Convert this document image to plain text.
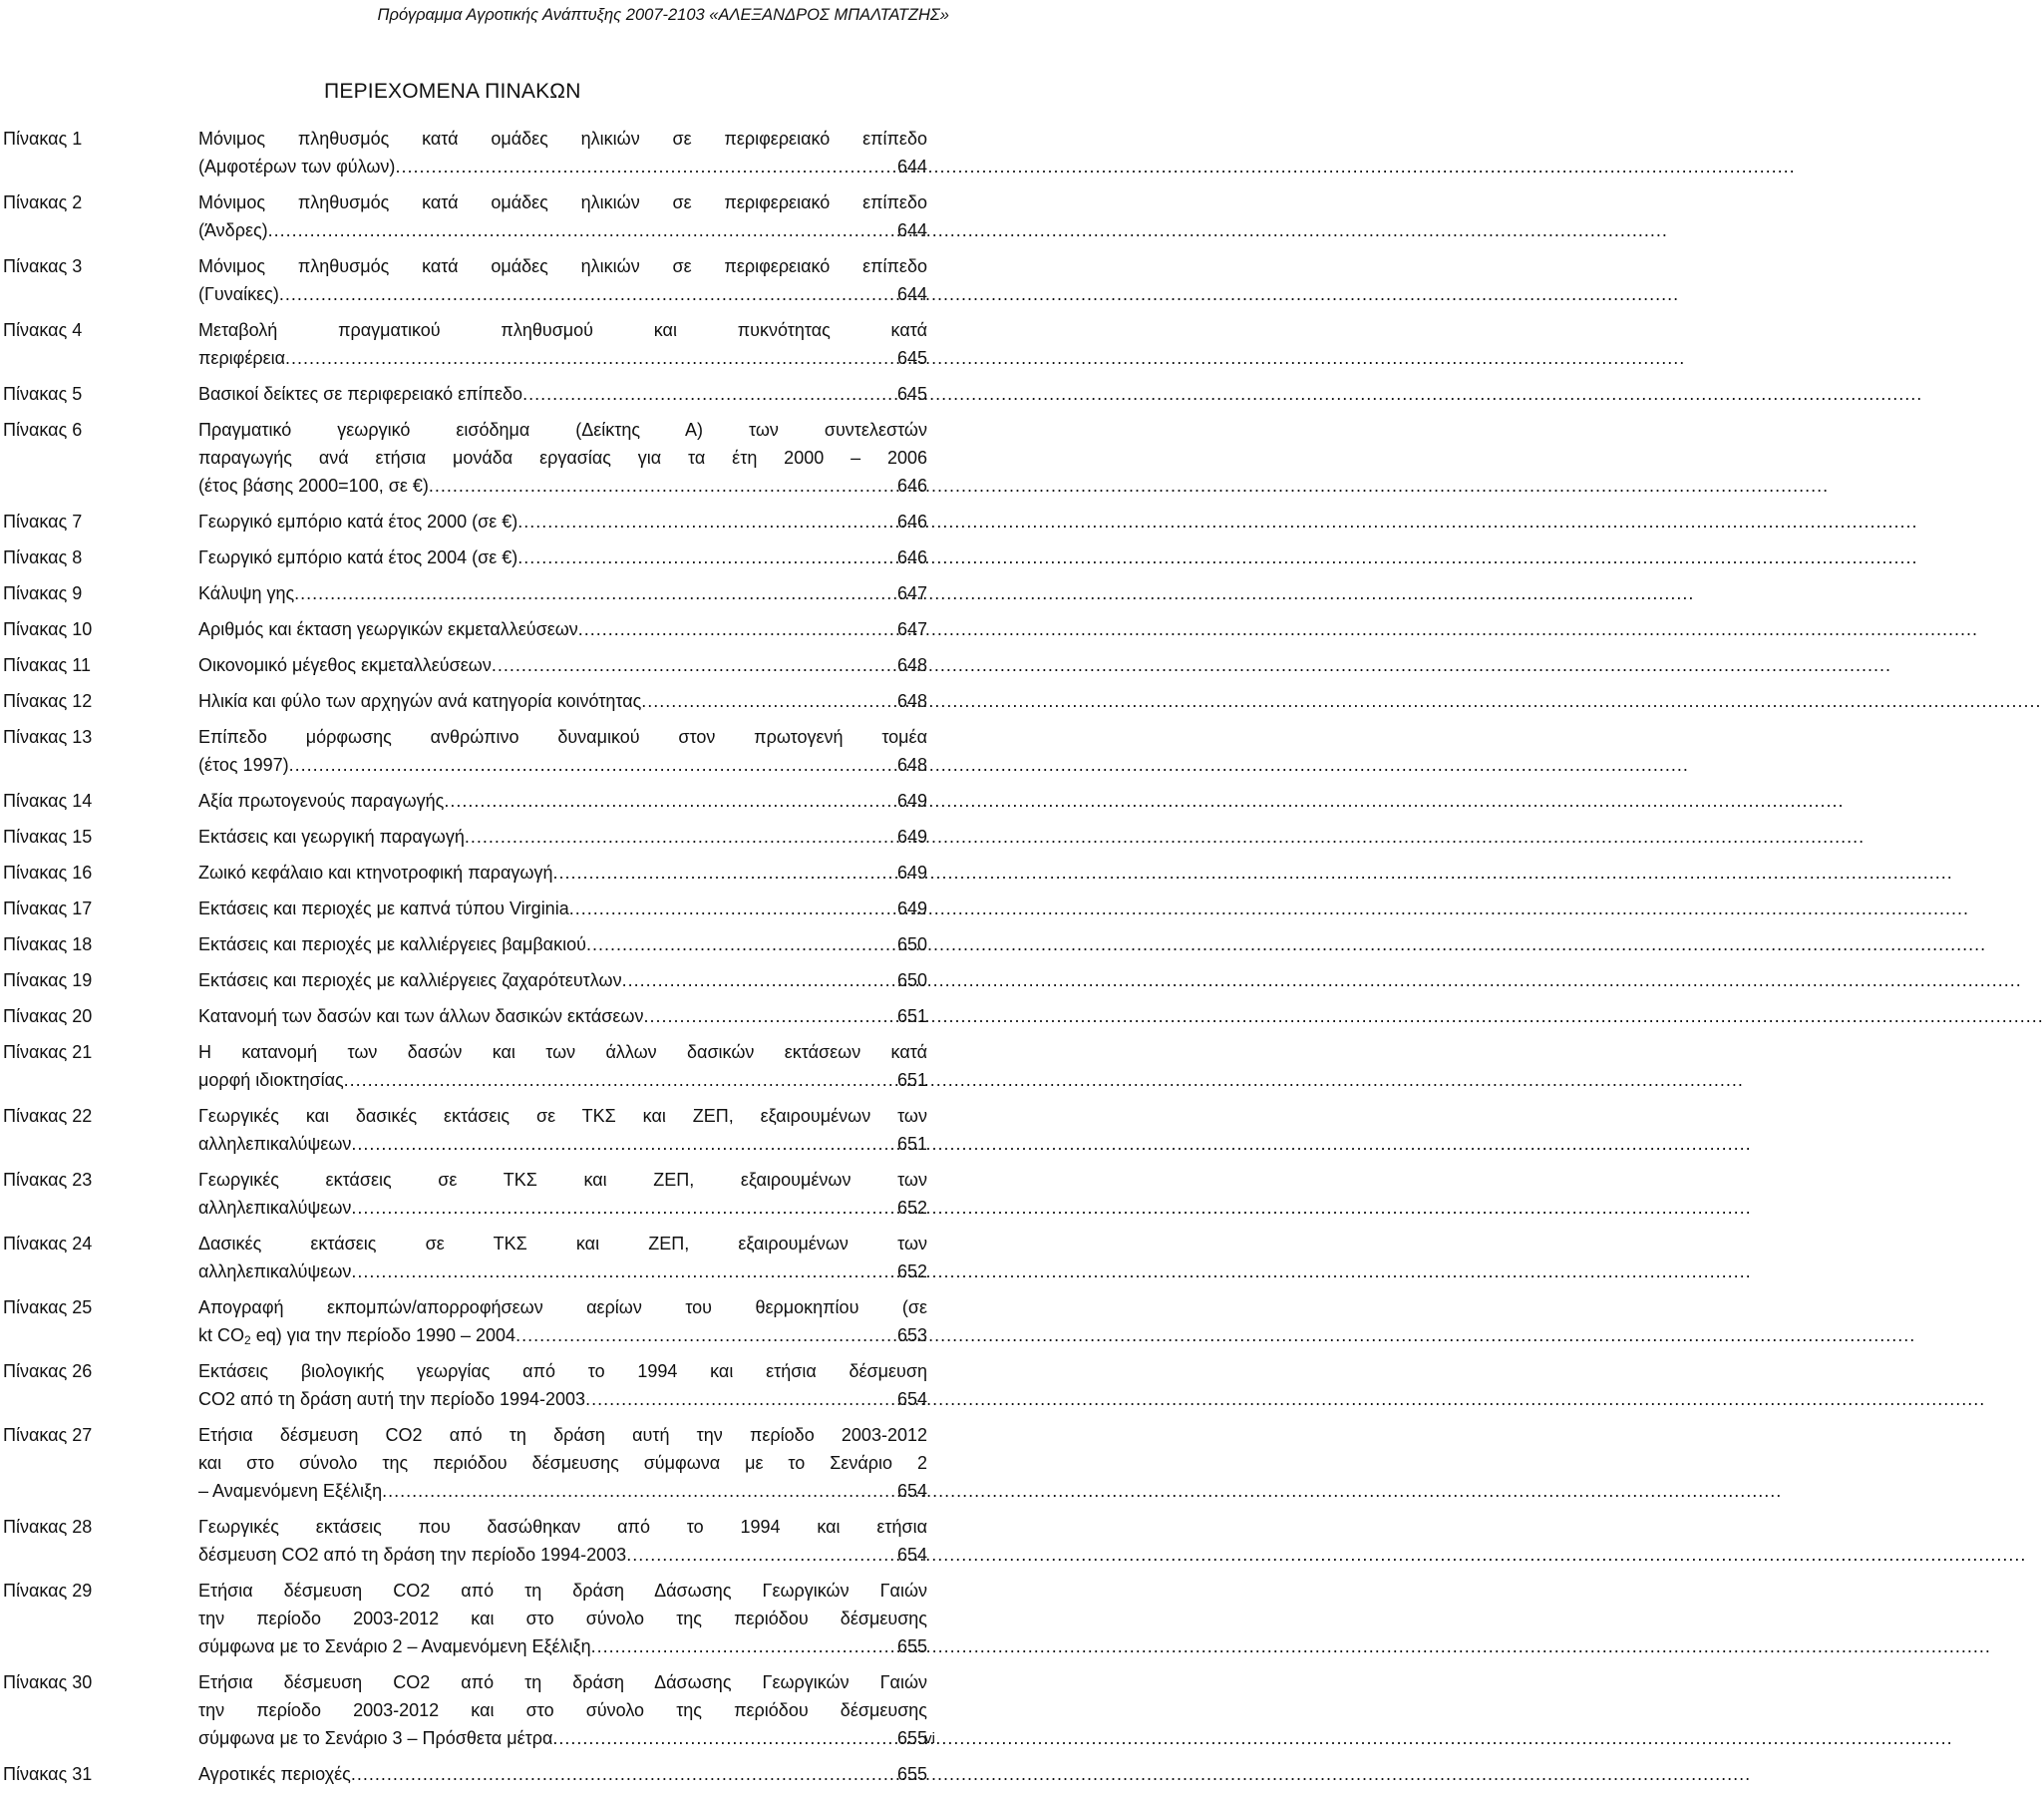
Πρόγραμμα Αγροτικής Ανάπτυξης 2007-2103 «ΑΛΕΞΑΝΔΡΟΣ ΜΠΑΛΤΑΤΖΗΣ»
ΠΕΡΙΕΧΟΜΕΝΑ ΠΙΝΑΚΩΝ
Πίνακας 1	Μόνιμος πληθυσμός κατά ομάδες ηλικιών σε περιφερειακό επίπεδο
(Αμφοτέρων των φύλων) .....	644
Πίνακας 2	Μόνιμος πληθυσμός κατά ομάδες ηλικιών σε περιφερειακό επίπεδο
(Άνδρες) .....	644
Πίνακας 3	Μόνιμος πληθυσμός κατά ομάδες ηλικιών σε περιφερειακό επίπεδο
(Γυναίκες) .....	644
Πίνακας 4	Μεταβολή πραγματικού πληθυσμού και πυκνότητας κατά
περιφέρεια .....	645
Πίνακας 5	Βασικοί δείκτες σε περιφερειακό επίπεδο .....	645
Πίνακας 6	Πραγματικό γεωργικό εισόδημα (Δείκτης Α) των συντελεστών
παραγωγής ανά ετήσια μονάδα εργασίας για τα έτη 2000 – 2006
(έτος βάσης 2000=100, σε €) .....	646
Πίνακας 7	Γεωργικό εμπόριο κατά έτος 2000 (σε €) .....	646
Πίνακας 8	Γεωργικό εμπόριο κατά έτος 2004 (σε €) .....	646
Πίνακας 9	Κάλυψη γης .....	647
Πίνακας 10	Αριθμός και έκταση γεωργικών εκμεταλλεύσεων .....	647
Πίνακας 11	Οικονομικό μέγεθος εκμεταλλεύσεων .....	648
Πίνακας 12	Ηλικία και φύλο των αρχηγών ανά κατηγορία κοινότητας .....	648
Πίνακας 13	Επίπεδο μόρφωσης ανθρώπινο δυναμικού στον πρωτογενή τομέα
(έτος 1997) .....	648
Πίνακας 14	Αξία πρωτογενούς παραγωγής .....	649
Πίνακας 15	Εκτάσεις και γεωργική παραγωγή .....	649
Πίνακας 16	Ζωικό κεφάλαιο και κτηνοτροφική παραγωγή .....	649
Πίνακας 17	Εκτάσεις και περιοχές με καπνά τύπου Virginia .....	649
Πίνακας 18	Εκτάσεις και περιοχές με καλλιέργειες βαμβακιού .....	650
Πίνακας 19	Εκτάσεις και περιοχές με καλλιέργειες ζαχαρότευτλων .....	650
Πίνακας 20	Κατανομή των δασών και των άλλων δασικών εκτάσεων .....	651
Πίνακας 21	Η κατανομή των δασών και των άλλων δασικών εκτάσεων κατά
μορφή ιδιοκτησίας .....	651
Πίνακας 22	Γεωργικές και δασικές εκτάσεις σε ΤΚΣ και ΖΕΠ, εξαιρουμένων των
αλληλεπικαλύψεων .....	651
Πίνακας 23	Γεωργικές εκτάσεις σε ΤΚΣ και ΖΕΠ, εξαιρουμένων των
αλληλεπικαλύψεων .....	652
Πίνακας 24	Δασικές εκτάσεις σε ΤΚΣ και ΖΕΠ, εξαιρουμένων των
αλληλεπικαλύψεων .....	652
Πίνακας 25	Απογραφή εκπομπών/απορροφήσεων αερίων του θερμοκηπίου (σε
kt $CO_2$ eq) για την περίοδο 1990 – 2004 .....	653
Πίνακας 26	Εκτάσεις βιολογικής γεωργίας από το 1994 και ετήσια δέσμευση
CO2 από τη δράση αυτή την περίοδο 1994-2003 .....	654
Πίνακας 27	Ετήσια δέσμευση CO2 από τη δράση αυτή την περίοδο 2003-2012
και στο σύνολο της περιόδου δέσμευσης σύμφωνα με το Σενάριο 2
– Αναμενόμενη Εξέλιξη .....	654
Πίνακας 28	Γεωργικές εκτάσεις που δασώθηκαν από το 1994 και ετήσια
δέσμευση CO2 από τη δράση την περίοδο 1994-2003 .....	654
Πίνακας 29	Ετήσια δέσμευση CO2 από τη δράση Δάσωσης Γεωργικών Γαιών
την περίοδο 2003-2012 και στο σύνολο της περιόδου δέσμευσης
σύμφωνα με το Σενάριο 2 – Αναμενόμενη Εξέλιξη .....	655
Πίνακας 30	Ετήσια δέσμευση CO2 από τη δράση Δάσωσης Γεωργικών Γαιών
την περίοδο 2003-2012 και στο σύνολο της περιόδου δέσμευσης
σύμφωνα με το Σενάριο 3 – Πρόσθετα μέτρα .....	655
Πίνακας 31	Αγροτικές περιοχές .....	655
vi
